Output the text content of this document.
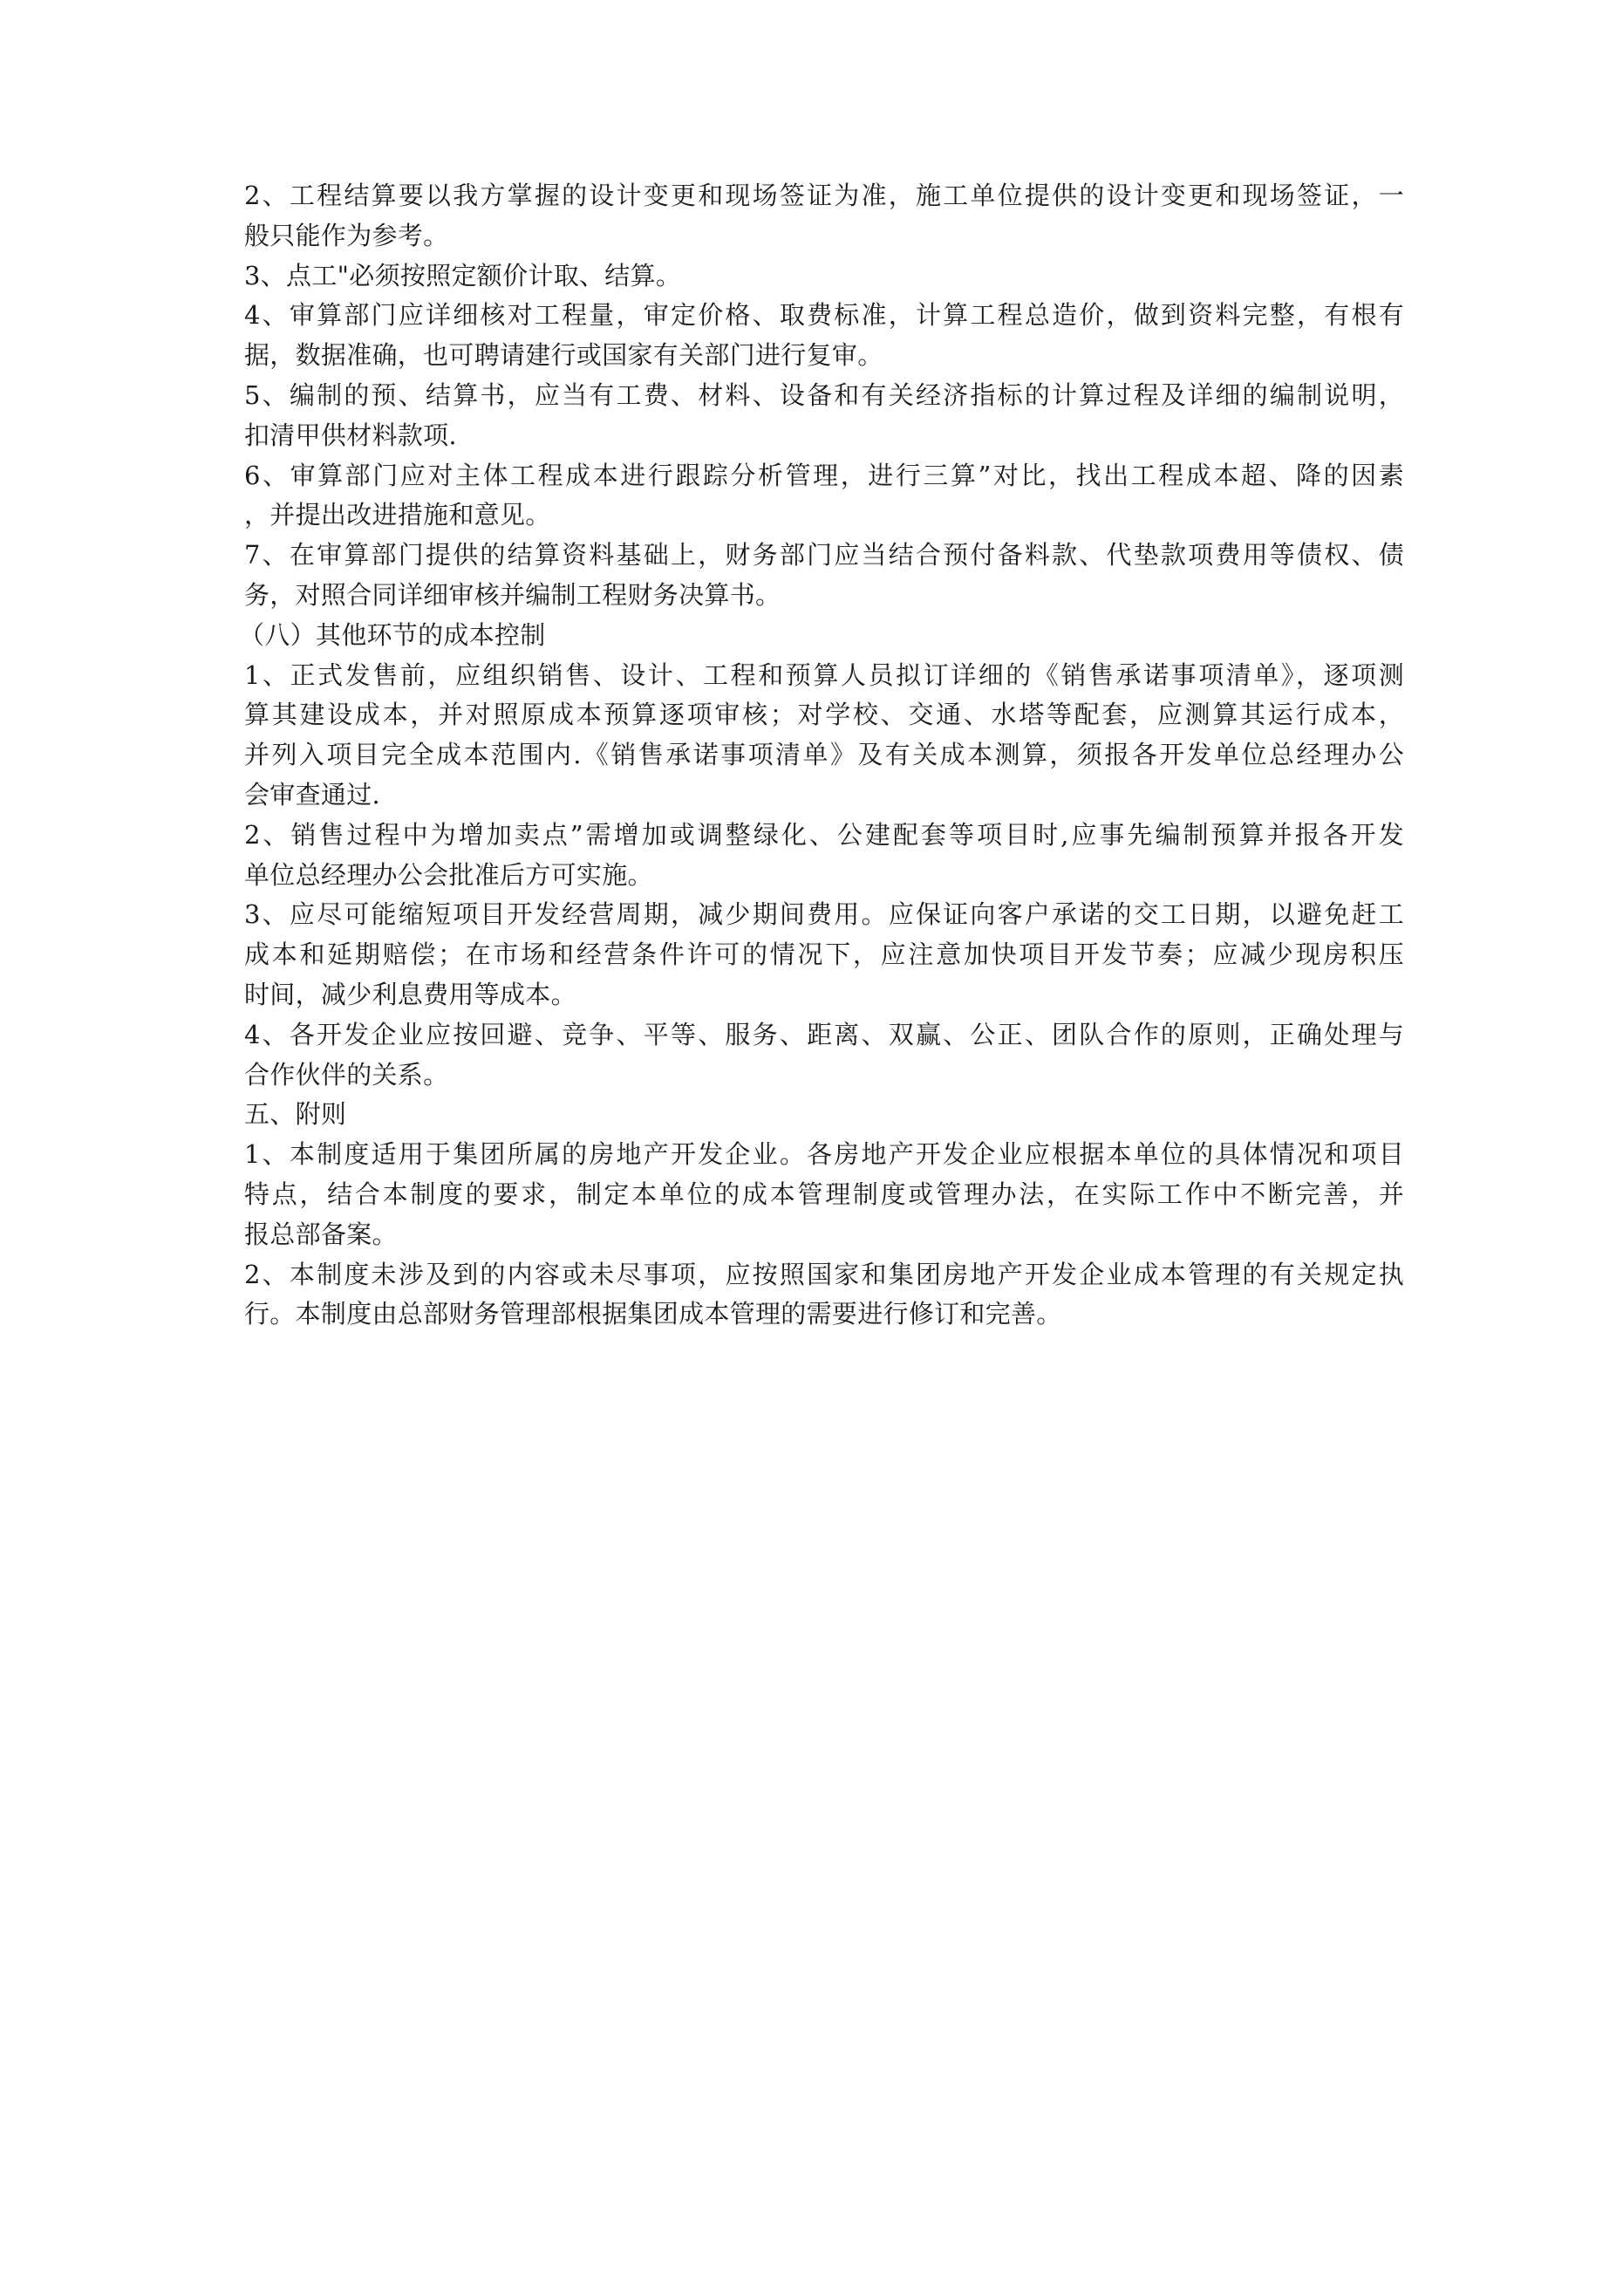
2、工程结算要以我方掌握的设计变更和现场签证为准，施工单位提供的设计变更和现场签证，一
般只能作为参考。
3、点工"必须按照定额价计取、结算。
4、审算部门应详细核对工程量，审定价格、取费标准，计算工程总造价，做到资料完整，有根有
据，数据准确，也可聘请建行或国家有关部门进行复审。
5、编制的预、结算书，应当有工费、材料、设备和有关经济指标的计算过程及详细的编制说明，
扣清甲供材料款项.
6、审算部门应对主体工程成本进行跟踪分析管理，进行三算”对比，找出工程成本超、降的因素
，并提出改进措施和意见。
7、在审算部门提供的结算资料基础上，财务部门应当结合预付备料款、代垫款项费用等债权、债
务，对照合同详细审核并编制工程财务决算书。
（八）其他环节的成本控制
1、正式发售前，应组织销售、设计、工程和预算人员拟订详细的《销售承诺事项清单》，逐项测
算其建设成本，并对照原成本预算逐项审核；对学校、交通、水塔等配套，应测算其运行成本，
并列入项目完全成本范围内.《销售承诺事项清单》及有关成本测算，须报各开发单位总经理办公
会审查通过.
2、销售过程中为增加卖点”需增加或调整绿化、公建配套等项目时,应事先编制预算并报各开发
单位总经理办公会批准后方可实施。
3、应尽可能缩短项目开发经营周期，减少期间费用。应保证向客户承诺的交工日期，以避免赶工
成本和延期赔偿；在市场和经营条件许可的情况下，应注意加快项目开发节奏；应减少现房积压
时间，减少利息费用等成本。
4、各开发企业应按回避、竞争、平等、服务、距离、双赢、公正、团队合作的原则，正确处理与
合作伙伴的关系。
五、附则
1、本制度适用于集团所属的房地产开发企业。各房地产开发企业应根据本单位的具体情况和项目
特点，结合本制度的要求，制定本单位的成本管理制度或管理办法，在实际工作中不断完善，并
报总部备案。
2、本制度未涉及到的内容或未尽事项，应按照国家和集团房地产开发企业成本管理的有关规定执
行。本制度由总部财务管理部根据集团成本管理的需要进行修订和完善。
